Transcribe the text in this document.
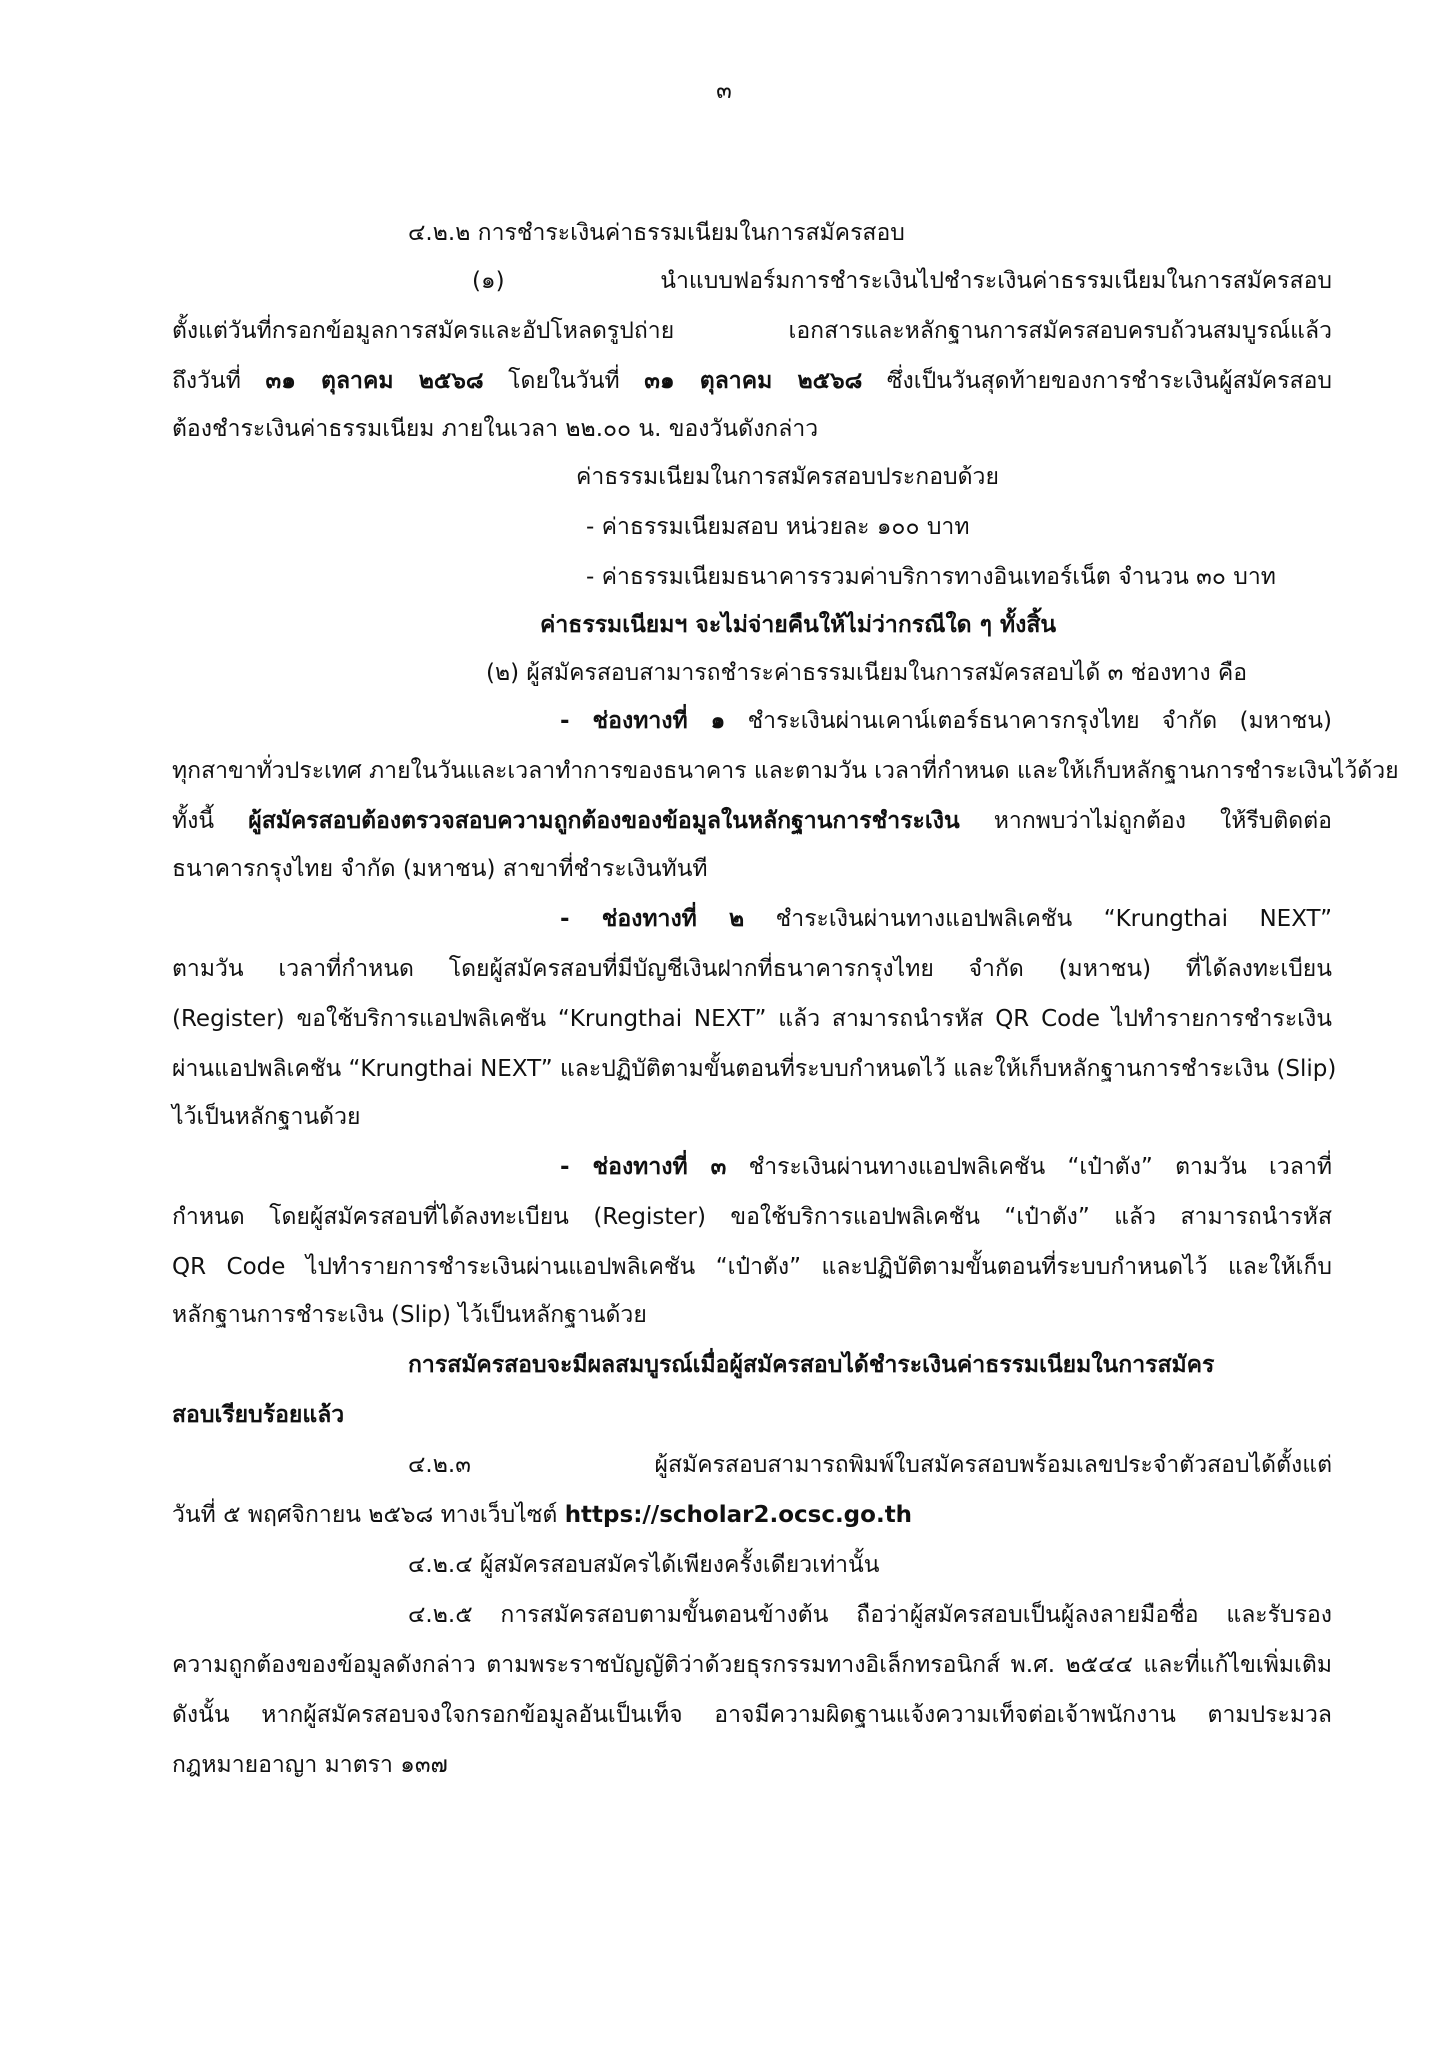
๓
๔.๒.๒ การชำระเงินค่าธรรมเนียมในการสมัครสอบ
(๑) นำแบบฟอร์มการชำระเงินไปชำระเงินค่าธรรมเนียมในการสมัครสอบ
ตั้งแต่วันที่กรอกข้อมูลการสมัครและอัปโหลดรูปถ่าย เอกสารและหลักฐานการสมัครสอบครบถ้วนสมบูรณ์แล้ว
ถึงวันที่ ๓๑ ตุลาคม ๒๕๖๘ โดยในวันที่ ๓๑ ตุลาคม ๒๕๖๘ ซึ่งเป็นวันสุดท้ายของการชำระเงินผู้สมัครสอบ
ต้องชำระเงินค่าธรรมเนียม ภายในเวลา ๒๒.๐๐ น. ของวันดังกล่าว
ค่าธรรมเนียมในการสมัครสอบประกอบด้วย
- ค่าธรรมเนียมสอบ หน่วยละ ๑๐๐ บาท
- ค่าธรรมเนียมธนาคารรวมค่าบริการทางอินเทอร์เน็ต จำนวน ๓๐ บาท
ค่าธรรมเนียมฯ จะไม่จ่ายคืนให้ไม่ว่ากรณีใด ๆ ทั้งสิ้น
(๒) ผู้สมัครสอบสามารถชำระค่าธรรมเนียมในการสมัครสอบได้ ๓ ช่องทาง คือ
- ช่องทางที่ ๑ ชำระเงินผ่านเคาน์เตอร์ธนาคารกรุงไทย จำกัด (มหาชน)
ทุกสาขาทั่วประเทศ ภายในวันและเวลาทำการของธนาคาร และตามวัน เวลาที่กำหนด และให้เก็บหลักฐานการชำระเงินไว้ด้วย
ทั้งนี้ ผู้สมัครสอบต้องตรวจสอบความถูกต้องของข้อมูลในหลักฐานการชำระเงิน หากพบว่าไม่ถูกต้อง ให้รีบติดต่อ
ธนาคารกรุงไทย จำกัด (มหาชน) สาขาที่ชำระเงินทันที
- ช่องทางที่ ๒ ชำระเงินผ่านทางแอปพลิเคชัน “Krungthai NEXT”
ตามวัน เวลาที่กำหนด โดยผู้สมัครสอบที่มีบัญชีเงินฝากที่ธนาคารกรุงไทย จำกัด (มหาชน) ที่ได้ลงทะเบียน
(Register) ขอใช้บริการแอปพลิเคชัน “Krungthai NEXT” แล้ว สามารถนำรหัส QR Code ไปทำรายการชำระเงิน
ผ่านแอปพลิเคชัน “Krungthai NEXT” และปฏิบัติตามขั้นตอนที่ระบบกำหนดไว้ และให้เก็บหลักฐานการชำระเงิน (Slip)
ไว้เป็นหลักฐานด้วย
- ช่องทางที่ ๓ ชำระเงินผ่านทางแอปพลิเคชัน “เป๋าตัง” ตามวัน เวลาที่
กำหนด โดยผู้สมัครสอบที่ได้ลงทะเบียน (Register) ขอใช้บริการแอปพลิเคชัน “เป๋าตัง” แล้ว สามารถนำรหัส
QR Code ไปทำรายการชำระเงินผ่านแอปพลิเคชัน “เป๋าตัง” และปฏิบัติตามขั้นตอนที่ระบบกำหนดไว้ และให้เก็บ
หลักฐานการชำระเงิน (Slip) ไว้เป็นหลักฐานด้วย
การสมัครสอบจะมีผลสมบูรณ์เมื่อผู้สมัครสอบได้ชำระเงินค่าธรรมเนียมในการสมัคร
สอบเรียบร้อยแล้ว
๔.๒.๓ ผู้สมัครสอบสามารถพิมพ์ใบสมัครสอบพร้อมเลขประจำตัวสอบได้ตั้งแต่
วันที่ ๕ พฤศจิกายน ๒๕๖๘ ทางเว็บไซต์ https://scholar2.ocsc.go.th
๔.๒.๔ ผู้สมัครสอบสมัครได้เพียงครั้งเดียวเท่านั้น
๔.๒.๕ การสมัครสอบตามขั้นตอนข้างต้น ถือว่าผู้สมัครสอบเป็นผู้ลงลายมือชื่อ และรับรอง
ความถูกต้องของข้อมูลดังกล่าว ตามพระราชบัญญัติว่าด้วยธุรกรรมทางอิเล็กทรอนิกส์ พ.ศ. ๒๕๔๔ และที่แก้ไขเพิ่มเติม
ดังนั้น หากผู้สมัครสอบจงใจกรอกข้อมูลอันเป็นเท็จ อาจมีความผิดฐานแจ้งความเท็จต่อเจ้าพนักงาน ตามประมวล
กฎหมายอาญา มาตรา ๑๓๗
